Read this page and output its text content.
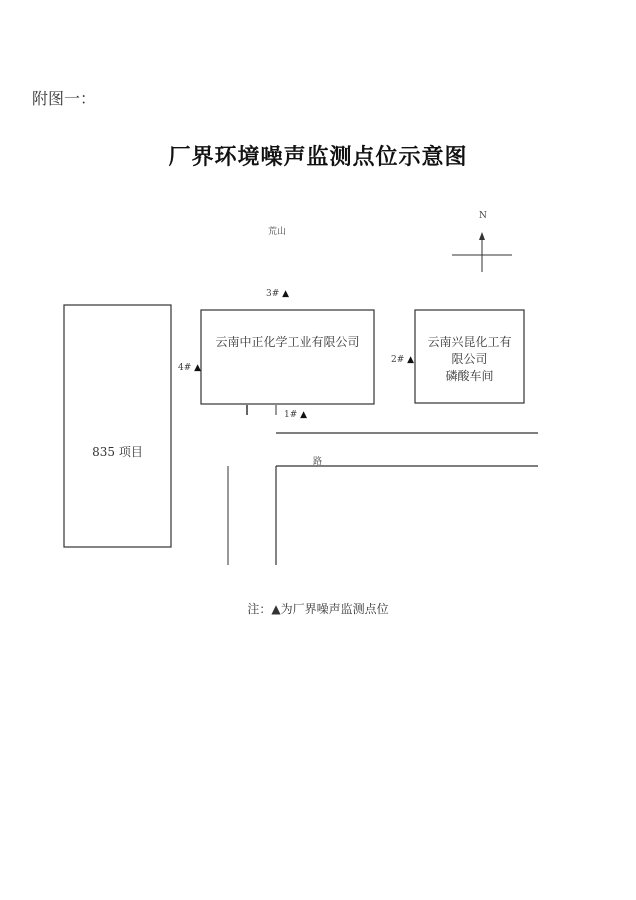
附图一：
厂界环境噪声监测点位示意图
荒山
N
3# ▲
4# ▲
2# ▲
1# ▲
云南中正化学工业有限公司	云南兴昆化工有
限公司
磷酸车间
835 项目
路
注：▲为厂界噪声监测点位
